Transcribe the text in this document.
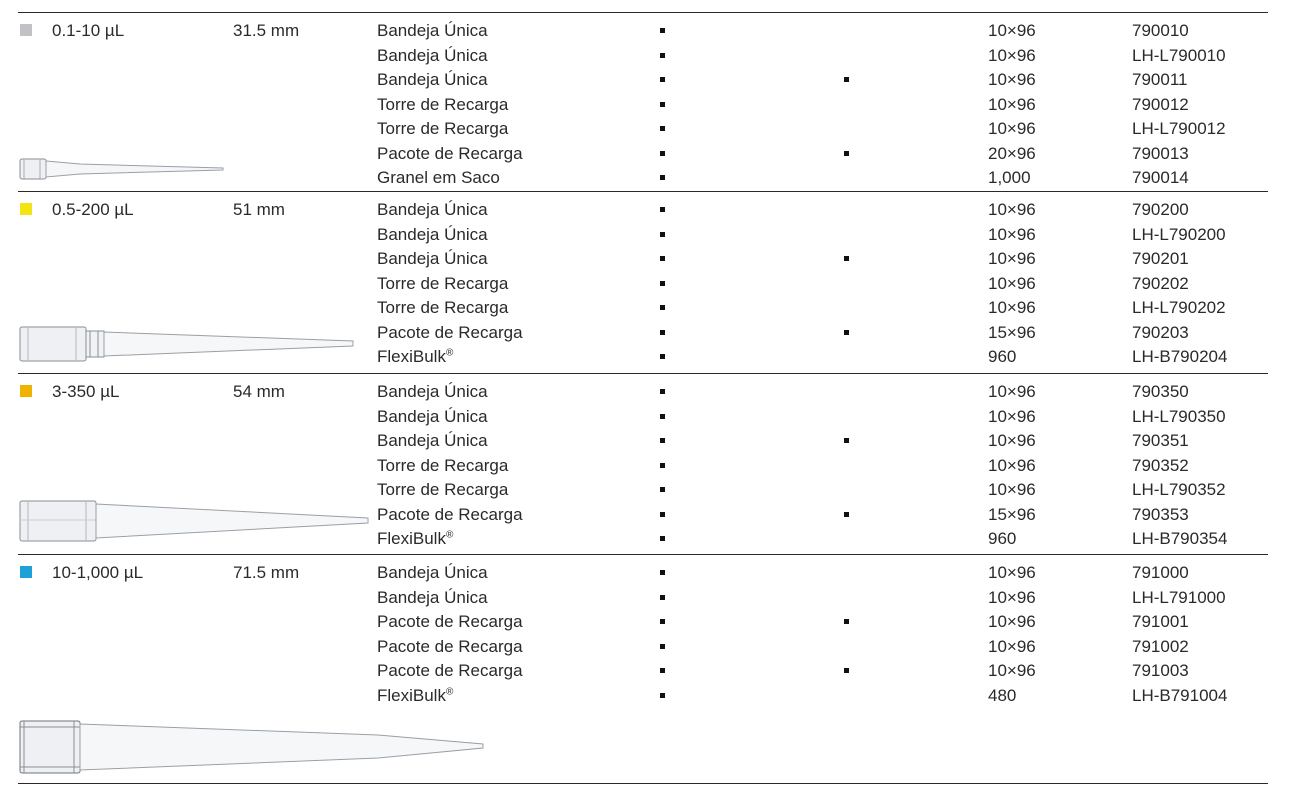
0.1-10 µL	31.5 mm	Bandeja Única	10×96	790010
Bandeja Única	10×96	LH-L790010
Bandeja Única	10×96	790011
Torre de Recarga	10×96	790012
Torre de Recarga	10×96	LH-L790012
Pacote de Recarga	20×96	790013
Granel em Saco	1,000	790014
0.5-200 µL	51 mm	Bandeja Única	10×96	790200
Bandeja Única	10×96	LH-L790200
Bandeja Única	10×96	790201
Torre de Recarga	10×96	790202
Torre de Recarga	10×96	LH-L790202
Pacote de Recarga	15×96	790203
FlexiBulk®	960	LH-B790204
3-350 µL	54 mm	Bandeja Única	10×96	790350
Bandeja Única	10×96	LH-L790350
Bandeja Única	10×96	790351
Torre de Recarga	10×96	790352
Torre de Recarga	10×96	LH-L790352
Pacote de Recarga	15×96	790353
FlexiBulk®	960	LH-B790354
10-1,000 µL	71.5 mm	Bandeja Única	10×96	791000
Bandeja Única	10×96	LH-L791000
Pacote de Recarga	10×96	791001
Pacote de Recarga	10×96	791002
Pacote de Recarga	10×96	791003
FlexiBulk®	480	LH-B791004
